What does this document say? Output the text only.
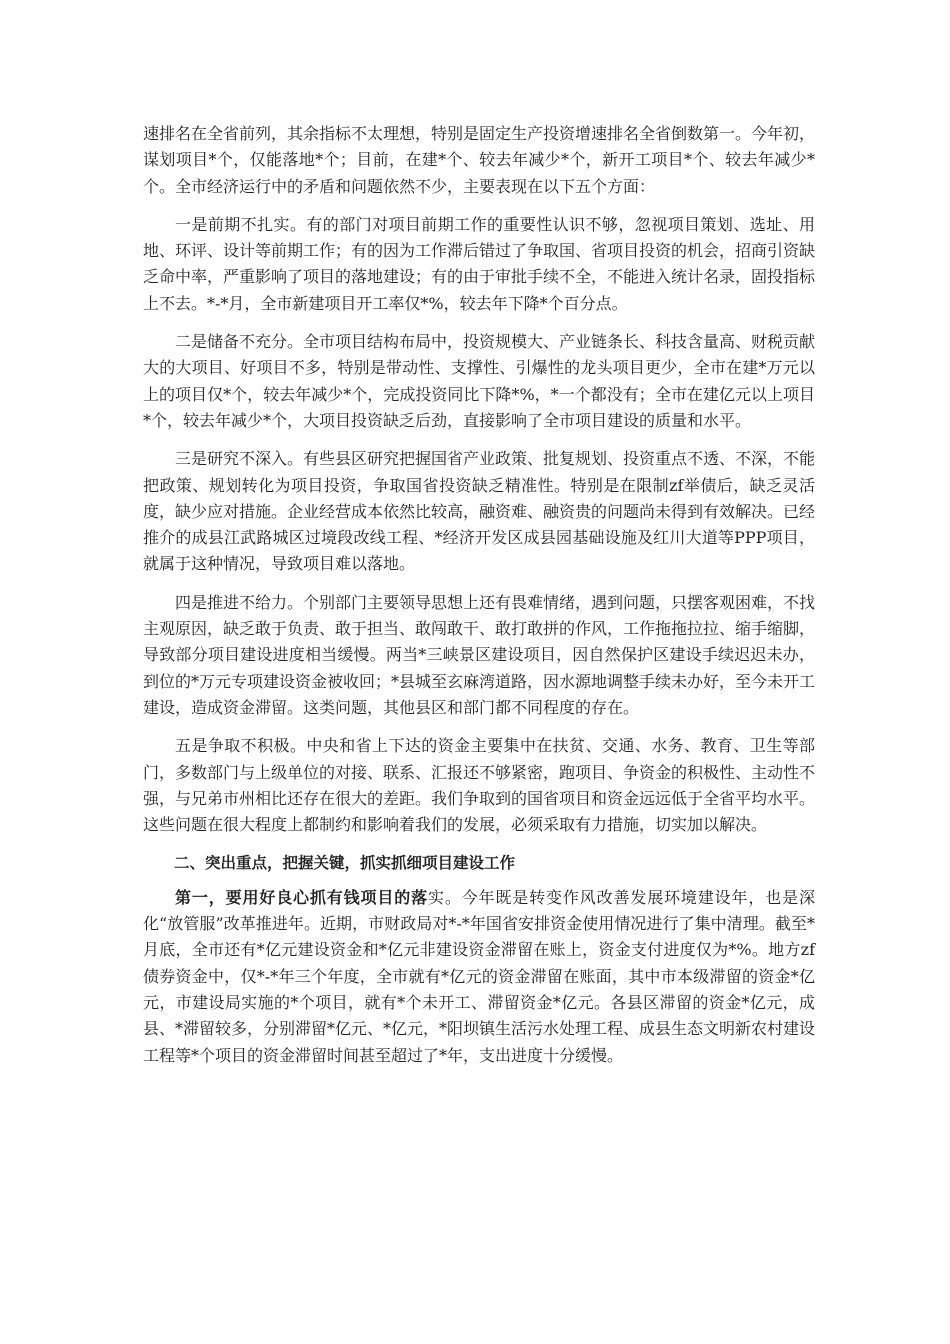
速排名在全省前列，其余指标不太理想，特别是固定生产投资增速排名全省倒数第一。今年初，谋划项目*个，仅能落地*个；目前，在建*个、较去年减少*个，新开工项目*个、较去年减少*个。全市经济运行中的矛盾和问题依然不少，主要表现在以下五个方面：

一是前期不扎实。有的部门对项目前期工作的重要性认识不够，忽视项目策划、选址、用地、环评、设计等前期工作；有的因为工作滞后错过了争取国、省项目投资的机会，招商引资缺乏命中率，严重影响了项目的落地建设；有的由于审批手续不全，不能进入统计名录，固投指标上不去。*-*月，全市新建项目开工率仅*%，较去年下降*个百分点。

二是储备不充分。全市项目结构布局中，投资规模大、产业链条长、科技含量高、财税贡献大的大项目、好项目不多，特别是带动性、支撑性、引爆性的龙头项目更少，全市在建*万元以上的项目仅*个，较去年减少*个，完成投资同比下降*%，*一个都没有；全市在建亿元以上项目*个，较去年减少*个，大项目投资缺乏后劲，直接影响了全市项目建设的质量和水平。

三是研究不深入。有些县区研究把握国省产业政策、批复规划、投资重点不透、不深，不能把政策、规划转化为项目投资，争取国省投资缺乏精准性。特别是在限制zf举债后，缺乏灵活度，缺少应对措施。企业经营成本依然比较高，融资难、融资贵的问题尚未得到有效解决。已经推介的成县江武路城区过境段改线工程、*经济开发区成县园基础设施及红川大道等PPP项目，就属于这种情况，导致项目难以落地。

四是推进不给力。个别部门主要领导思想上还有畏难情绪，遇到问题，只摆客观困难，不找主观原因，缺乏敢于负责、敢于担当、敢闯敢干、敢打敢拼的作风，工作拖拖拉拉、缩手缩脚，导致部分项目建设进度相当缓慢。两当*三峡景区建设项目，因自然保护区建设手续迟迟未办，到位的*万元专项建设资金被收回；*县城至玄麻湾道路，因水源地调整手续未办好，至今未开工建设，造成资金滞留。这类问题，其他县区和部门都不同程度的存在。

五是争取不积极。中央和省上下达的资金主要集中在扶贫、交通、水务、教育、卫生等部门，多数部门与上级单位的对接、联系、汇报还不够紧密，跑项目、争资金的积极性、主动性不强，与兄弟市州相比还存在很大的差距。我们争取到的国省项目和资金远远低于全省平均水平。这些问题在很大程度上都制约和影响着我们的发展，必须采取有力措施，切实加以解决。

二、突出重点，把握关键，抓实抓细项目建设工作

第一，要用好良心抓有钱项目的落实。今年既是转变作风改善发展环境建设年，也是深化“放管服”改革推进年。近期，市财政局对*-*年国省安排资金使用情况进行了集中清理。截至*月底，全市还有*亿元建设资金和*亿元非建设资金滞留在账上，资金支付进度仅为*%。地方zf债券资金中，仅*-*年三个年度，全市就有*亿元的资金滞留在账面，其中市本级滞留的资金*亿元，市建设局实施的*个项目，就有*个未开工、滞留资金*亿元。各县区滞留的资金*亿元，成县、*滞留较多，分别滞留*亿元、*亿元，*阳坝镇生活污水处理工程、成县生态文明新农村建设工程等*个项目的资金滞留时间甚至超过了*年，支出进度十分缓慢。
